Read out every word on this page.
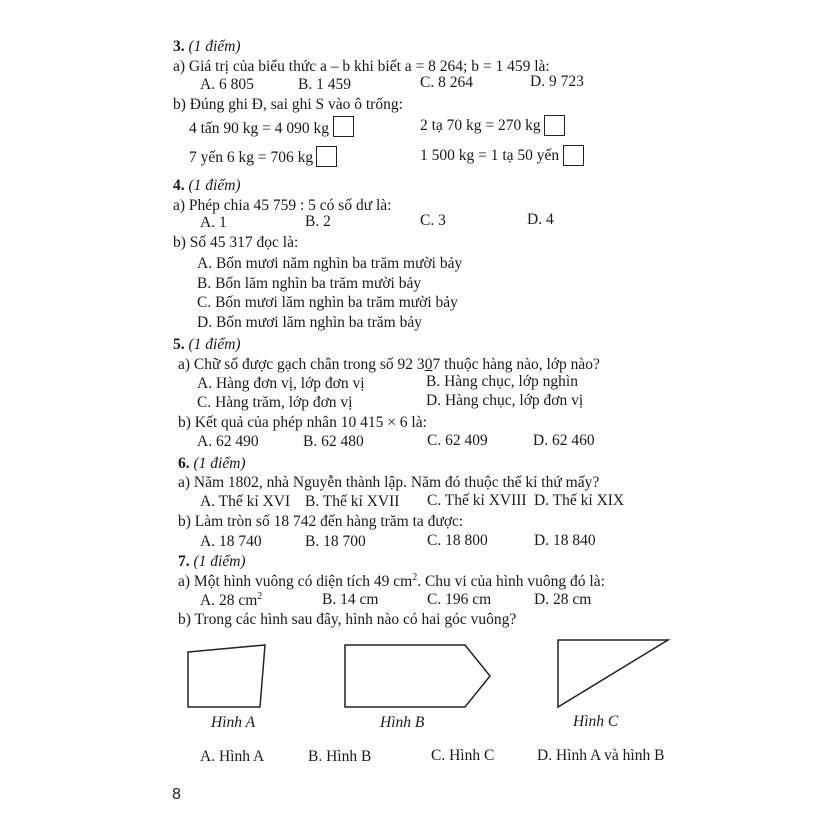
3. (1 điểm)
a) Giá trị của biểu thức a – b khi biết a = 8 264; b = 1 459 là:
A. 6 805	B. 1 459	C. 8 264	D. 9 723
b) Đúng ghi Đ, sai ghi S vào ô trống:
4 tấn 90 kg = 4 090 kg	2 tạ 70 kg = 270 kg
7 yến 6 kg = 706 kg	1 500 kg = 1 tạ 50 yến
4. (1 điểm)
a) Phép chia 45 759 : 5 có số dư là:
A. 1	B. 2	C. 3	D. 4
b) Số 45 317 đọc là:
A. Bốn mươi năm nghìn ba trăm mười bảy
B. Bốn lăm nghìn ba trăm mười bảy
C. Bốn mươi lăm nghìn ba trăm mười bảy
D. Bốn mươi lăm nghìn ba trăm bảy
5. (1 điểm)
a) Chữ số được gạch chân trong số 92 307 thuộc hàng nào, lớp nào?
A. Hàng đơn vị, lớp đơn vị	B. Hàng chục, lớp nghìn
C. Hàng trăm, lớp đơn vị	D. Hàng chục, lớp đơn vị
b) Kết quả của phép nhân 10 415 × 6 là:
A. 62 490	B. 62 480	C. 62 409	D. 62 460
6. (1 điểm)
a) Năm 1802, nhà Nguyễn thành lập. Năm đó thuộc thế kỉ thứ mấy?
A. Thế kỉ XVI B. Thế kỉ XVII C. Thế kỉ XVIII D. Thế kỉ XIX
b) Làm tròn số 18 742 đến hàng trăm ta được:
A. 18 740	B. 18 700	C. 18 800	D. 18 840
7. (1 điểm)
a) Một hình vuông có diện tích 49 $cm^2$. Chu vi của hình vuông đó là:
A. 28 $cm^2$	B. 14 cm	C. 196 cm	D. 28 cm
b) Trong các hình sau đây, hình nào có hai góc vuông?
Hình A	Hình B	Hình C
A. Hình A	B. Hình B	C. Hình C	D. Hình A và hình B
8
